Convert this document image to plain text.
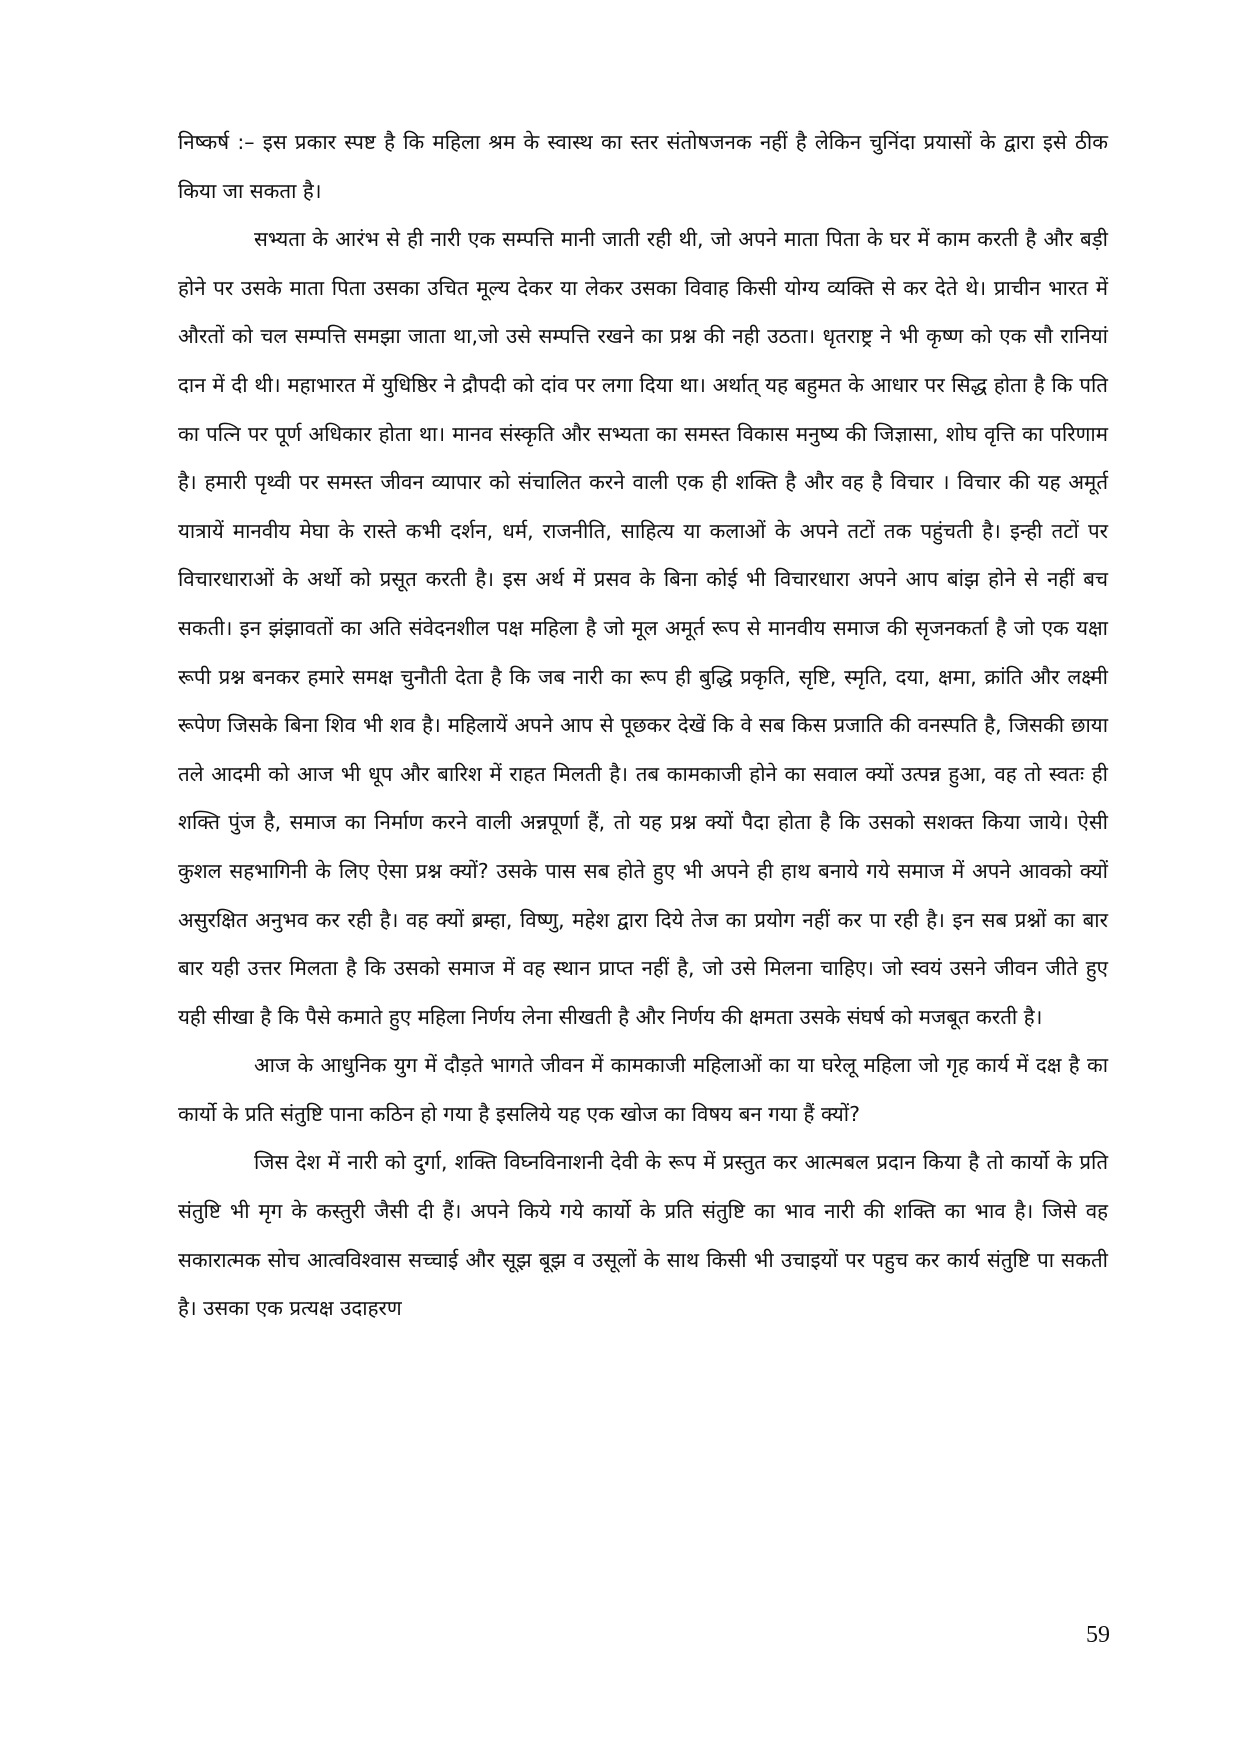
निष्कर्ष :– इस प्रकार स्पष्ट है कि महिला श्रम के स्वास्थ का स्तर संतोषजनक नहीं है लेकिन चुनिंदा प्रयासों के द्वारा इसे ठीक किया जा सकता है।

सभ्यता के आरंभ से ही नारी एक सम्पत्ति मानी जाती रही थी, जो अपने माता पिता के घर में काम करती है और बड़ी होने पर उसके माता पिता उसका उचित मूल्य देकर या लेकर उसका विवाह किसी योग्य व्यक्ति से कर देते थे। प्राचीन भारत में औरतों को चल सम्पत्ति समझा जाता था,जो उसे सम्पत्ति रखने का प्रश्न की नही उठता। धृतराष्ट्र ने भी कृष्ण को एक सौ रानियां दान में दी थी। महाभारत में युधिष्ठिर ने द्रौपदी को दांव पर लगा दिया था। अर्थात् यह बहुमत के आधार पर सिद्ध होता है कि पति का पत्नि पर पूर्ण अधिकार होता था। मानव संस्कृति और सभ्यता का समस्त विकास मनुष्य की जिज्ञासा, शोघ वृत्ति का परिणाम है। हमारी पृथ्वी पर समस्त जीवन व्यापार को संचालित करने वाली एक ही शक्ति है और वह है विचार । विचार की यह अमूर्त यात्रायें मानवीय मेघा के रास्ते कभी दर्शन, धर्म, राजनीति, साहित्य या कलाओं के अपने तटों तक पहुंचती है। इन्ही तटों पर विचारधाराओं के अर्थो को प्रसूत करती है। इस अर्थ में प्रसव के बिना कोई भी विचारधारा अपने आप बांझ होने से नहीं बच सकती। इन झंझावतों का अति संवेदनशील पक्ष महिला है जो मूल अमूर्त रूप से मानवीय समाज की सृजनकर्ता है जो एक यक्षा रूपी प्रश्न बनकर हमारे समक्ष चुनौती देता है कि जब नारी का रूप ही बुद्धि प्रकृति, सृष्टि, स्मृति, दया, क्षमा, क्रांति और लक्ष्मी रूपेण जिसके बिना शिव भी शव है। महिलायें अपने आप से पूछकर देखें कि वे सब किस प्रजाति की वनस्पति है, जिसकी छाया तले आदमी को आज भी धूप और बारिश में राहत मिलती है। तब कामकाजी होने का सवाल क्यों उत्पन्न हुआ, वह तो स्वतः ही शक्ति पुंज है, समाज का निर्माण करने वाली अन्नपूर्णा हैं, तो यह प्रश्न क्यों पैदा होता है कि उसको सशक्त किया जाये। ऐसी कुशल सहभागिनी के लिए ऐसा प्रश्न क्यों? उसके पास सब होते हुए भी अपने ही हाथ बनाये गये समाज में अपने आवको क्यों असुरक्षित अनुभव कर रही है। वह क्यों ब्रम्हा, विष्णु, महेश द्वारा दिये तेज का प्रयोग नहीं कर पा रही है। इन सब प्रश्नों का बार बार यही उत्तर मिलता है कि उसको समाज में वह स्थान प्राप्त नहीं है, जो उसे मिलना चाहिए। जो स्वयं उसने जीवन जीते हुए यही सीखा है कि पैसे कमाते हुए महिला निर्णय लेना सीखती है और निर्णय की क्षमता उसके संघर्ष को मजबूत करती है।

आज के आधुनिक युग में दौड़ते भागते जीवन में कामकाजी महिलाओं का या घरेलू महिला जो गृह कार्य में दक्ष है का कार्यो के प्रति संतुष्टि पाना कठिन हो गया है इसलिये यह एक खोज का विषय बन गया हैं क्यों?

जिस देश में नारी को दुर्गा, शक्ति विघ्नविनाशनी देवी के रूप में प्रस्तुत कर आत्मबल प्रदान किया है तो कार्यो के प्रति संतुष्टि भी मृग के कस्तुरी जैसी दी हैं। अपने किये गये कार्यो के प्रति संतुष्टि का भाव नारी की शक्ति का भाव है। जिसे वह सकारात्मक सोच आत्वविश्वास सच्चाई और सूझ बूझ व उसूलों के साथ किसी भी उचाइयों पर पहुच कर कार्य संतुष्टि पा सकती है। उसका एक प्रत्यक्ष उदाहरण

59
